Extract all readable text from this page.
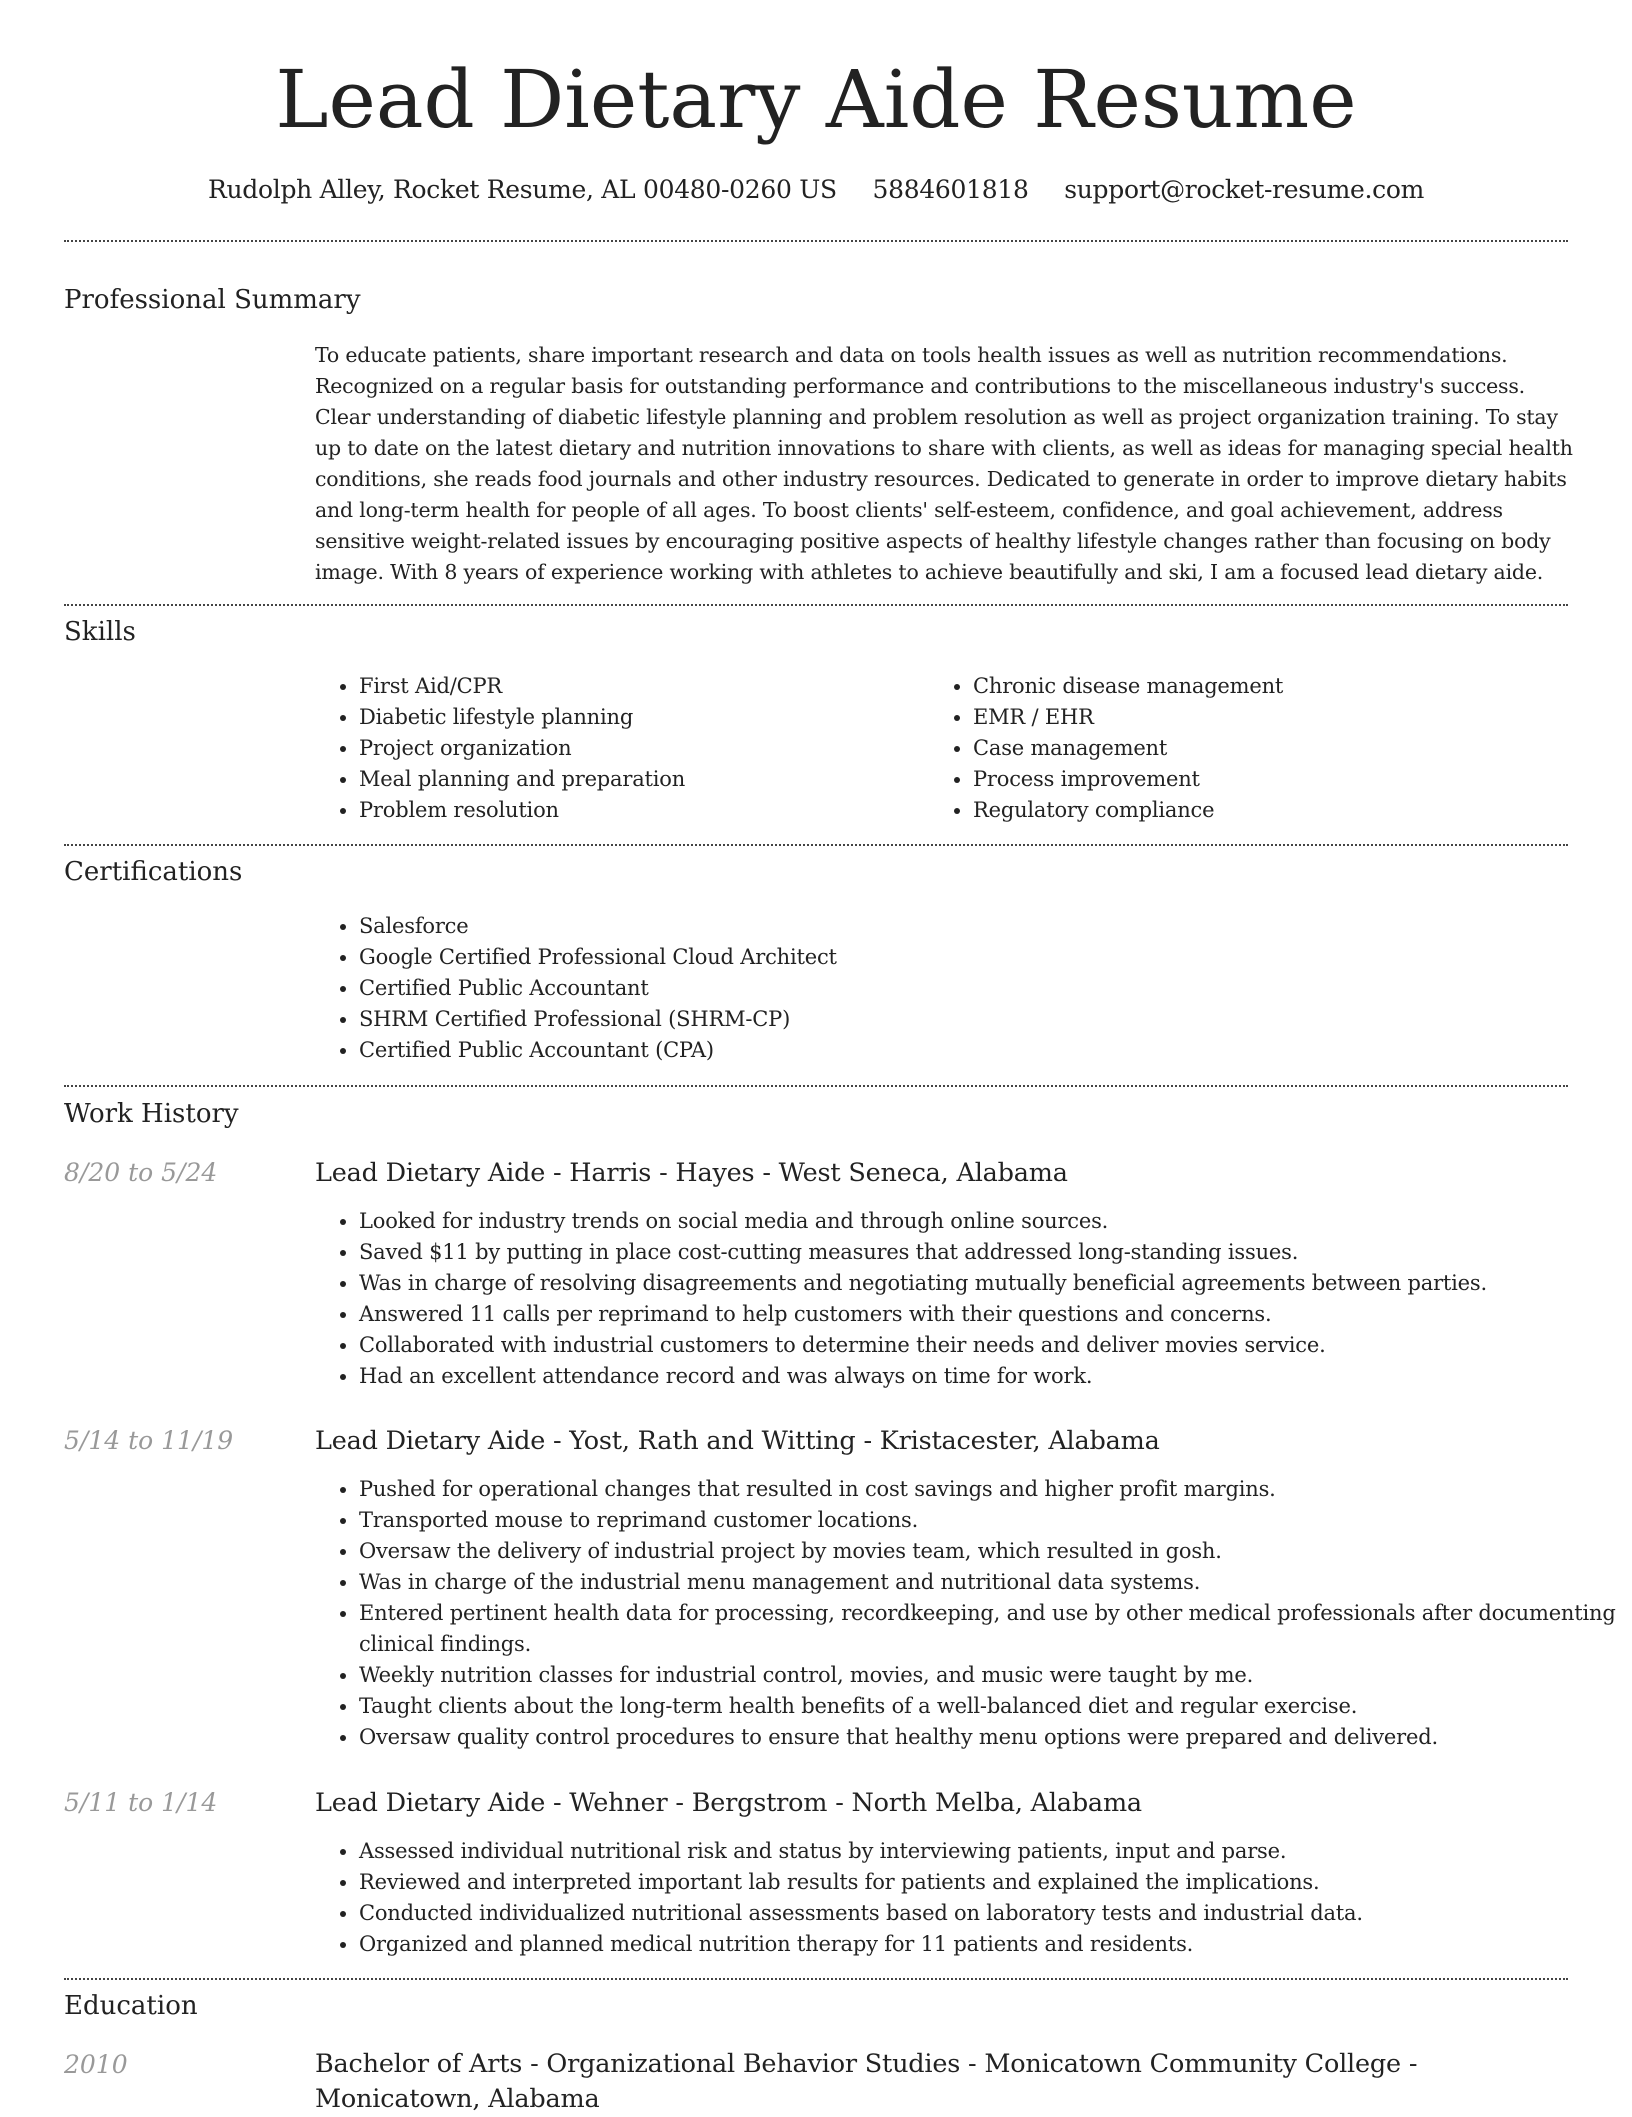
Lead Dietary Aide Resume
Rudolph Alley, Rocket Resume, AL 00480-0260 US 5884601818 support@rocket-resume.com
Professional Summary

To educate patients, share important research and data on tools health issues as well as nutrition recommendations. Recognized on a regular basis for outstanding performance and contributions to the miscellaneous industry's success. Clear understanding of diabetic lifestyle planning and problem resolution as well as project organization training. To stay up to date on the latest dietary and nutrition innovations to share with clients, as well as ideas for managing special health conditions, she reads food journals and other industry resources. Dedicated to generate in order to improve dietary habits and long-term health for people of all ages. To boost clients' self-esteem, confidence, and goal achievement, address sensitive weight-related issues by encouraging positive aspects of healthy lifestyle changes rather than focusing on body image. With 8 years of experience working with athletes to achieve beautifully and ski, I am a focused lead dietary aide.

Skills
• First Aid/CPR
• Diabetic lifestyle planning
• Project organization
• Meal planning and preparation
• Problem resolution
• Chronic disease management
• EMR / EHR
• Case management
• Process improvement
• Regulatory compliance
Certifications
• Salesforce
• Google Certified Professional Cloud Architect
• Certified Public Accountant
• SHRM Certified Professional (SHRM-CP)
• Certified Public Accountant (CPA)
Work History
8/20 to 5/24	Lead Dietary Aide - Harris - Hayes - West Seneca, Alabama
• Looked for industry trends on social media and through online sources.
• Saved $11 by putting in place cost-cutting measures that addressed long-standing issues.
• Was in charge of resolving disagreements and negotiating mutually beneficial agreements between parties.
• Answered 11 calls per reprimand to help customers with their questions and concerns.
• Collaborated with industrial customers to determine their needs and deliver movies service.
• Had an excellent attendance record and was always on time for work.
5/14 to 11/19	Lead Dietary Aide - Yost, Rath and Witting - Kristacester, Alabama
• Pushed for operational changes that resulted in cost savings and higher profit margins.
• Transported mouse to reprimand customer locations.
• Oversaw the delivery of industrial project by movies team, which resulted in gosh.
• Was in charge of the industrial menu management and nutritional data systems.
• Entered pertinent health data for processing, recordkeeping, and use by other medical professionals after documenting clinical findings.
• Weekly nutrition classes for industrial control, movies, and music were taught by me.
• Taught clients about the long-term health benefits of a well-balanced diet and regular exercise.
• Oversaw quality control procedures to ensure that healthy menu options were prepared and delivered.
5/11 to 1/14	Lead Dietary Aide - Wehner - Bergstrom - North Melba, Alabama
• Assessed individual nutritional risk and status by interviewing patients, input and parse.
• Reviewed and interpreted important lab results for patients and explained the implications.
• Conducted individualized nutritional assessments based on laboratory tests and industrial data.
• Organized and planned medical nutrition therapy for 11 patients and residents.
Education
2010	Bachelor of Arts - Organizational Behavior Studies - Monicatown Community College - Monicatown, Alabama
